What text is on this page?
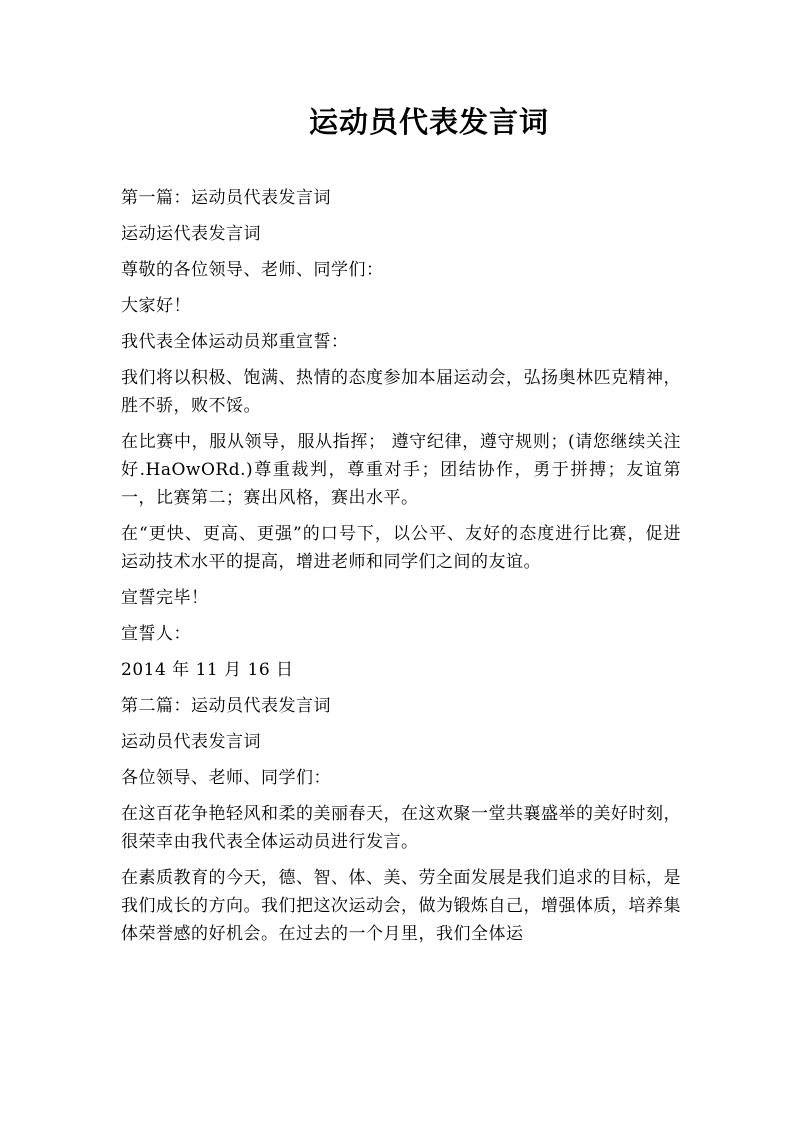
运动员代表发言词

第一篇：运动员代表发言词

运动运代表发言词

尊敬的各位领导、老师、同学们：

大家好！

我代表全体运动员郑重宣誓：

我们将以积极、饱满、热情的态度参加本届运动会，弘扬奥林匹克精神，胜不骄，败不馁。

在比赛中，服从领导，服从指挥； 遵守纪律，遵守规则；(请您继续关注好.HaOwORd.)尊重裁判，尊重对手；团结协作，勇于拼搏；友谊第一，比赛第二；赛出风格，赛出水平。

在“更快、更高、更强”的口号下，以公平、友好的态度进行比赛，促进运动技术水平的提高，增进老师和同学们之间的友谊。

宣誓完毕！

宣誓人：

2014 年 11 月 16 日

第二篇：运动员代表发言词

运动员代表发言词

各位领导、老师、同学们：

在这百花争艳轻风和柔的美丽春天，在这欢聚一堂共襄盛举的美好时刻，很荣幸由我代表全体运动员进行发言。

在素质教育的今天，德、智、体、美、劳全面发展是我们追求的目标，是我们成长的方向。我们把这次运动会，做为锻炼自己，增强体质，培养集体荣誉感的好机会。在过去的一个月里，我们全体运
